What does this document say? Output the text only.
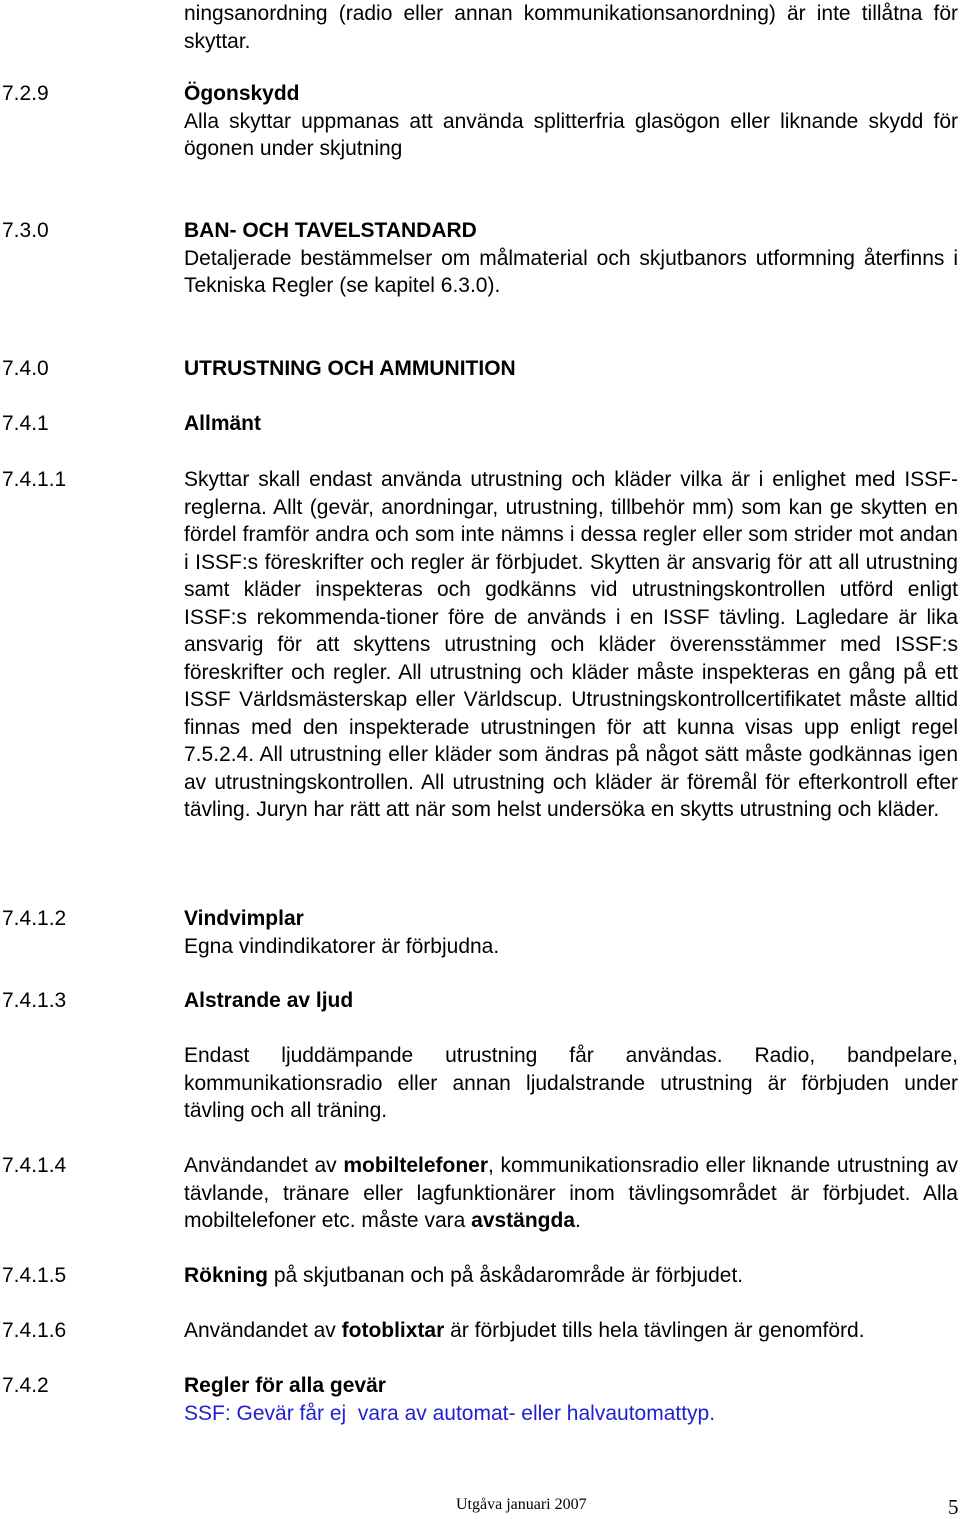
ningsanordning (radio eller annan kommunikationsanordning) är inte tillåtna för skyttar.
7.2.9	Ögonskydd
Alla skyttar uppmanas att använda splitterfria glasögon eller liknande skydd för ögonen under skjutning
7.3.0	BAN- OCH TAVELSTANDARD
Detaljerade bestämmelser om målmaterial och skjutbanors utformning återfinns i Tekniska Regler (se kapitel 6.3.0).
7.4.0	UTRUSTNING OCH AMMUNITION
7.4.1	Allmänt
7.4.1.1	Skyttar skall endast använda utrustning och kläder vilka är i enlighet med ISSF-reglerna. Allt (gevär, anordningar, utrustning, tillbehör mm) som kan ge skytten en fördel framför andra och som inte nämns i dessa regler eller som strider mot andan i ISSF:s föreskrifter och regler är förbjudet. Skytten är ansvarig för att all utrustning samt kläder inspekteras och godkänns vid utrustningskontrollen utförd enligt ISSF:s rekommenda-tioner före de används i en ISSF tävling. Lagledare är lika ansvarig för att skyttens utrustning och kläder överensstämmer med ISSF:s föreskrifter och regler. All utrustning och kläder måste inspekteras en gång på ett ISSF Världsmästerskap eller Världscup. Utrustningskontrollcertifikatet måste alltid finnas med den inspekterade utrustningen för att kunna visas upp enligt regel 7.5.2.4. All utrustning eller kläder som ändras på något sätt måste godkännas igen av utrustningskontrollen. All utrustning och kläder är föremål för efterkontroll efter tävling. Juryn har rätt att när som helst undersöka en skytts utrustning och kläder.
7.4.1.2	Vindvimplar
Egna vindindikatorer är förbjudna.
7.4.1.3	Alstrande av ljud
Endast ljuddämpande utrustning får användas. Radio, bandpelare, kommunikationsradio eller annan ljudalstrande utrustning är förbjuden under tävling och all träning.
7.4.1.4	Användandet av mobiltelefoner, kommunikationsradio eller liknande utrustning av tävlande, tränare eller lagfunktionärer inom tävlingsområdet är förbjudet. Alla mobiltelefoner etc. måste vara avstängda.
7.4.1.5	Rökning på skjutbanan och på åskådarområde är förbjudet.
7.4.1.6	Användandet av fotoblixtar är förbjudet tills hela tävlingen är genomförd.
7.4.2	Regler för alla gevär
SSF: Gevär får ej  vara av automat- eller halvautomattyp.
Utgåva januari 2007	5
